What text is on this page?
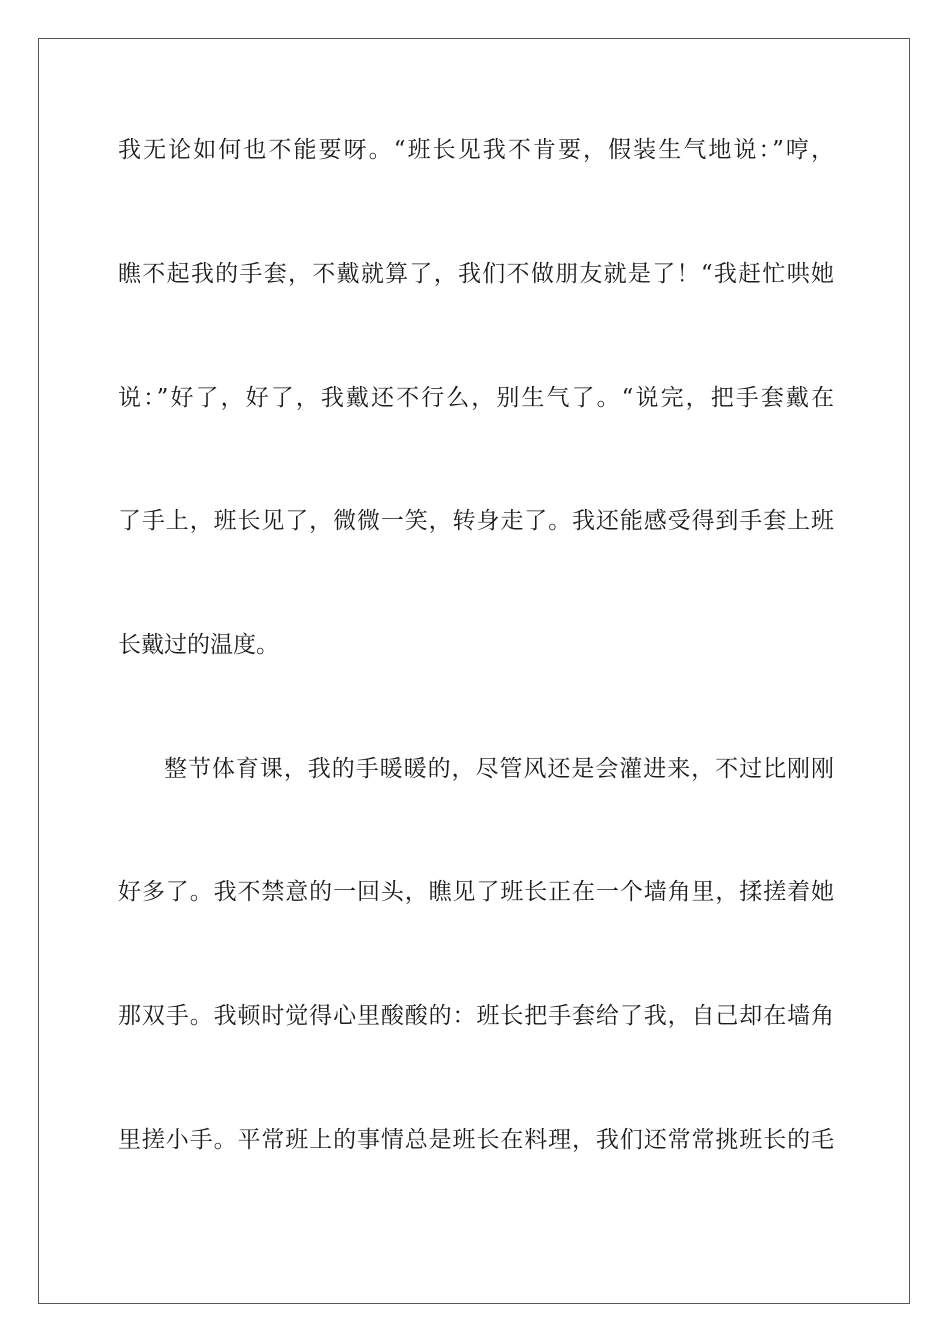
我无论如何也不能要呀。“班长见我不肯要，假装生气地说：”哼，
瞧不起我的手套，不戴就算了，我们不做朋友就是了！“我赶忙哄她
说：”好了，好了，我戴还不行么，别生气了。“说完，把手套戴在
了手上，班长见了，微微一笑，转身走了。我还能感受得到手套上班
长戴过的温度。
整节体育课，我的手暖暖的，尽管风还是会灌进来，不过比刚刚
好多了。我不禁意的一回头，瞧见了班长正在一个墙角里，揉搓着她
那双手。我顿时觉得心里酸酸的：班长把手套给了我，自己却在墙角
里搓小手。平常班上的事情总是班长在料理，我们还常常挑班长的毛
